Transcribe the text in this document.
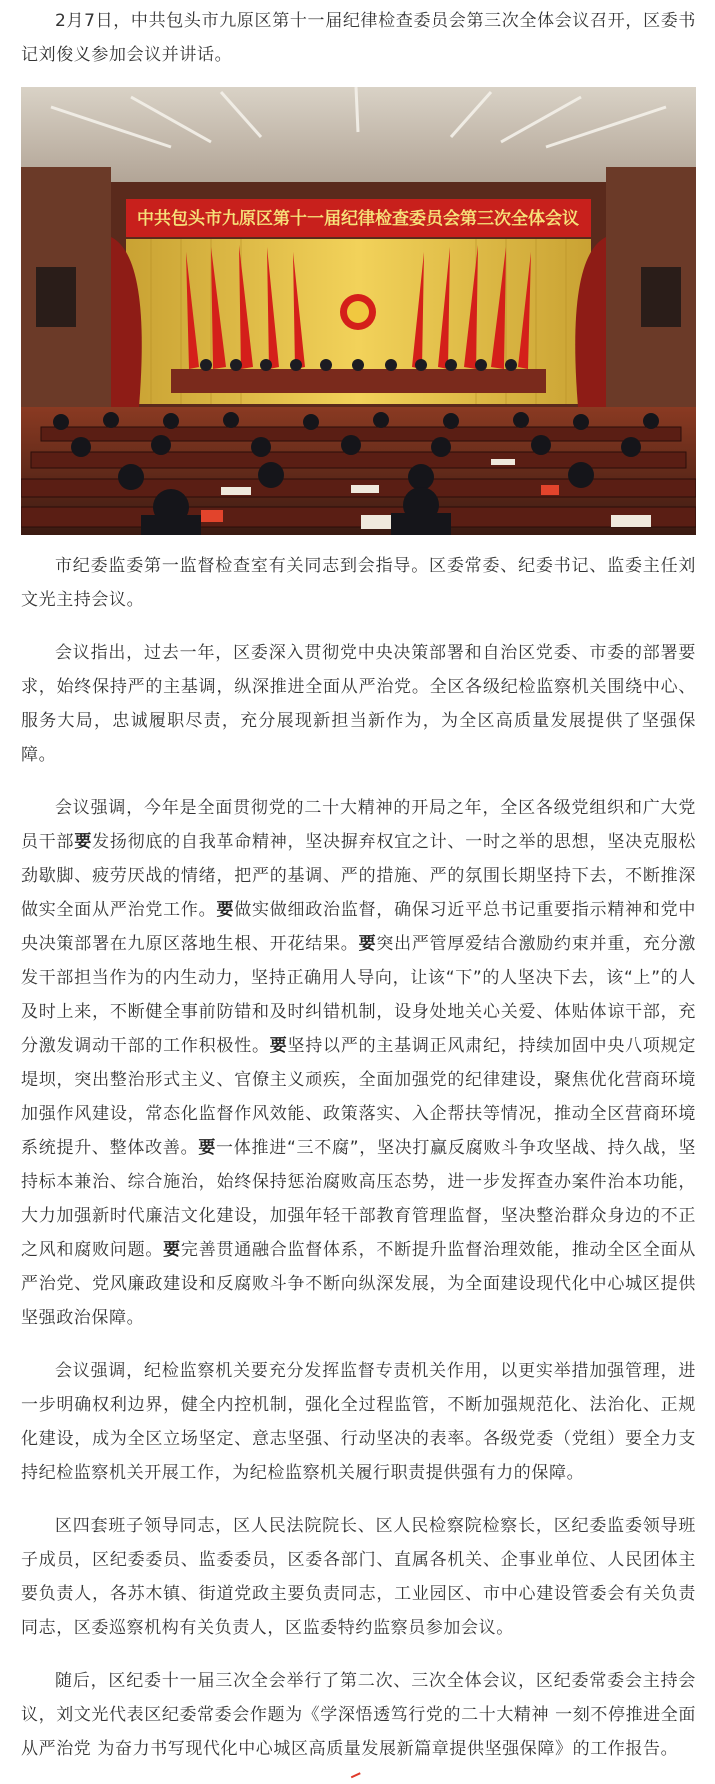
2月7日，中共包头市九原区第十一届纪律检查委员会第三次全体会议召开，区委书记刘俊义参加会议并讲话。

中共包头市九原区第十一届纪律检查委员会第三次全体会议

市纪委监委第一监督检查室有关同志到会指导。区委常委、纪委书记、监委主任刘文光主持会议。

会议指出，过去一年，区委深入贯彻党中央决策部署和自治区党委、市委的部署要求，始终保持严的主基调，纵深推进全面从严治党。全区各级纪检监察机关围绕中心、服务大局，忠诚履职尽责，充分展现新担当新作为，为全区高质量发展提供了坚强保障。

会议强调，今年是全面贯彻党的二十大精神的开局之年，全区各级党组织和广大党员干部要发扬彻底的自我革命精神，坚决摒弃权宜之计、一时之举的思想，坚决克服松劲歇脚、疲劳厌战的情绪，把严的基调、严的措施、严的氛围长期坚持下去，不断推深做实全面从严治党工作。要做实做细政治监督，确保习近平总书记重要指示精神和党中央决策部署在九原区落地生根、开花结果。要突出严管厚爱结合激励约束并重，充分激发干部担当作为的内生动力，坚持正确用人导向，让该“下”的人坚决下去，该“上”的人及时上来，不断健全事前防错和及时纠错机制，设身处地关心关爱、体贴体谅干部，充分激发调动干部的工作积极性。要坚持以严的主基调正风肃纪，持续加固中央八项规定堤坝，突出整治形式主义、官僚主义顽疾，全面加强党的纪律建设，聚焦优化营商环境加强作风建设，常态化监督作风效能、政策落实、入企帮扶等情况，推动全区营商环境系统提升、整体改善。要一体推进“三不腐”，坚决打赢反腐败斗争攻坚战、持久战，坚持标本兼治、综合施治，始终保持惩治腐败高压态势，进一步发挥查办案件治本功能，大力加强新时代廉洁文化建设，加强年轻干部教育管理监督，坚决整治群众身边的不正之风和腐败问题。要完善贯通融合监督体系，不断提升监督治理效能，推动全区全面从严治党、党风廉政建设和反腐败斗争不断向纵深发展，为全面建设现代化中心城区提供坚强政治保障。

会议强调，纪检监察机关要充分发挥监督专责机关作用，以更实举措加强管理，进一步明确权利边界，健全内控机制，强化全过程监管，不断加强规范化、法治化、正规化建设，成为全区立场坚定、意志坚强、行动坚决的表率。各级党委（党组）要全力支持纪检监察机关开展工作，为纪检监察机关履行职责提供强有力的保障。

区四套班子领导同志，区人民法院院长、区人民检察院检察长，区纪委监委领导班子成员，区纪委委员、监委委员，区委各部门、直属各机关、企事业单位、人民团体主要负责人，各苏木镇、街道党政主要负责同志，工业园区、市中心建设管委会有关负责同志，区委巡察机构有关负责人，区监委特约监察员参加会议。

随后，区纪委十一届三次全会举行了第二次、三次全体会议，区纪委常委会主持会议，刘文光代表区纪委常委会作题为《学深悟透笃行党的二十大精神 一刻不停推进全面从严治党 为奋力书写现代化中心城区高质量发展新篇章提供坚强保障》的工作报告。
